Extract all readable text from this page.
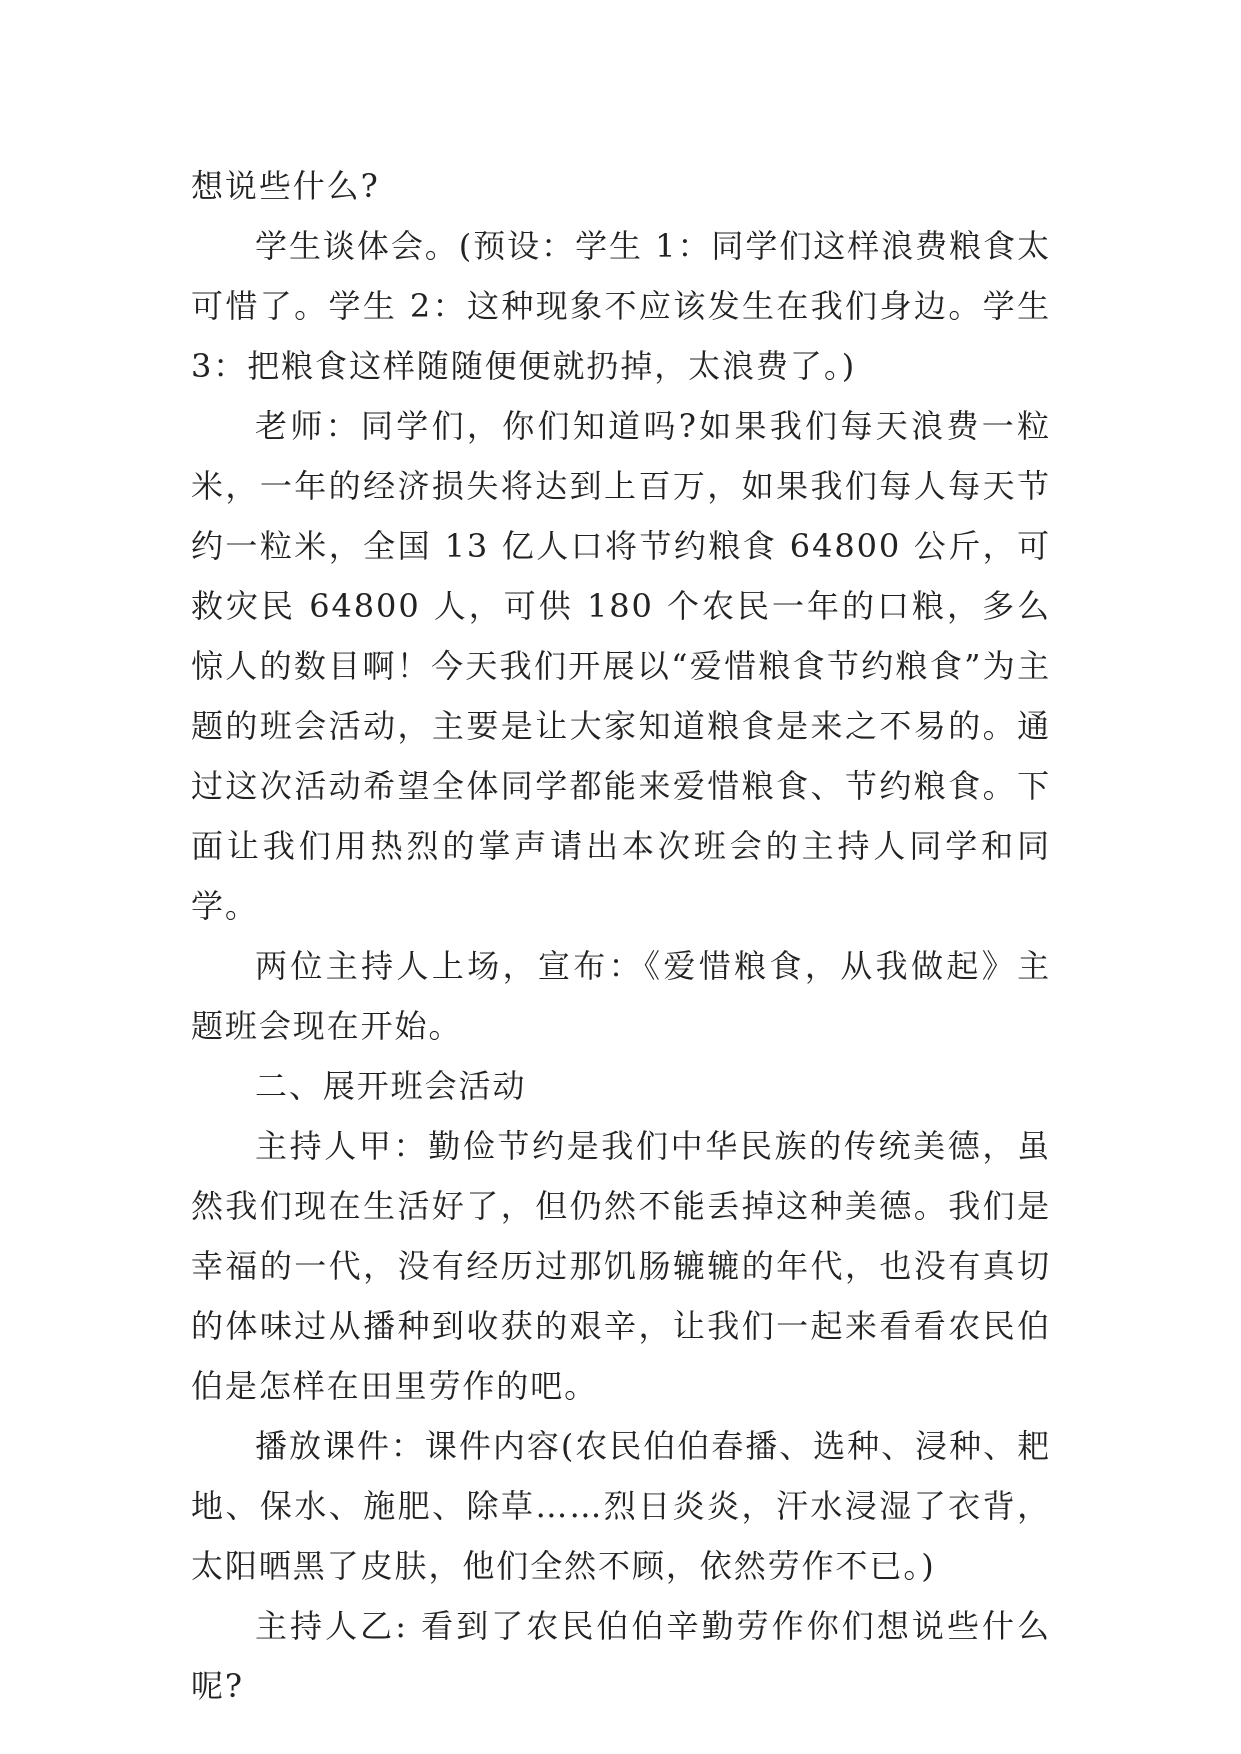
想说些什么?

学生谈体会。(预设：学生 1：同学们这样浪费粮食太可惜了。学生 2：这种现象不应该发生在我们身边。学生 3：把粮食这样随随便便就扔掉，太浪费了。)

老师：同学们，你们知道吗?如果我们每天浪费一粒米，一年的经济损失将达到上百万，如果我们每人每天节约一粒米，全国 13 亿人口将节约粮食 64800 公斤，可救灾民 64800 人，可供 180 个农民一年的口粮，多么惊人的数目啊！今天我们开展以“爱惜粮食节约粮食”为主题的班会活动，主要是让大家知道粮食是来之不易的。通过这次活动希望全体同学都能来爱惜粮食、节约粮食。下面让我们用热烈的掌声请出本次班会的主持人同学和同学。

两位主持人上场，宣布：《爱惜粮食，从我做起》主题班会现在开始。

二、展开班会活动

主持人甲：勤俭节约是我们中华民族的传统美德，虽然我们现在生活好了，但仍然不能丢掉这种美德。我们是幸福的一代，没有经历过那饥肠辘辘的年代，也没有真切的体味过从播种到收获的艰辛，让我们一起来看看农民伯伯是怎样在田里劳作的吧。

播放课件：课件内容(农民伯伯春播、选种、浸种、耙地、保水、施肥、除草……烈日炎炎，汗水浸湿了衣背，太阳晒黑了皮肤，他们全然不顾，依然劳作不已。)

主持人乙: 看到了农民伯伯辛勤劳作你们想说些什么呢?
